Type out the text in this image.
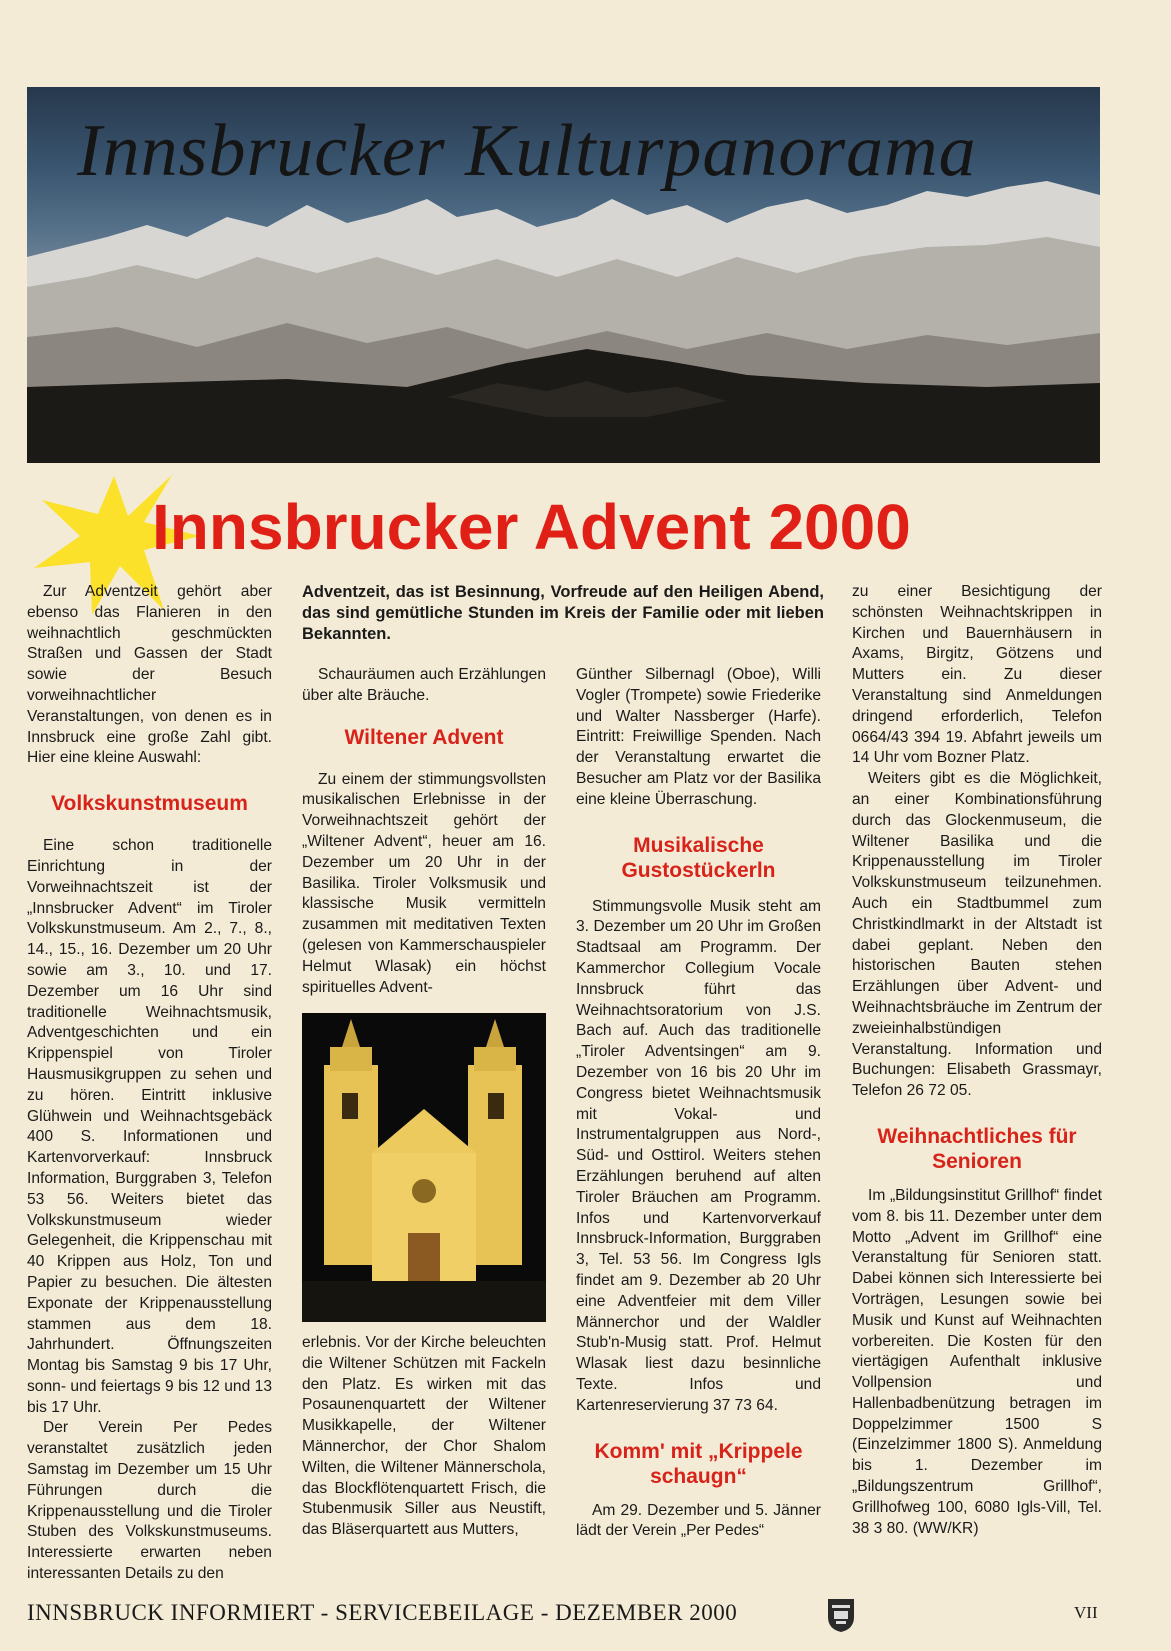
Innsbrucker Kulturpanorama
Innsbrucker Advent 2000
Adventzeit, das ist Besinnung, Vorfreude auf den Heiligen Abend, das sind gemütliche Stunden im Kreis der Familie oder mit lieben Bekannten.

Zur Adventzeit gehört aber ebenso das Flanieren in den weihnachtlich geschmückten Straßen und Gassen der Stadt sowie der Besuch vorweihnachtlicher Veranstaltungen, von denen es in Innsbruck eine große Zahl gibt. Hier eine kleine Auswahl:

Volkskunstmuseum

Eine schon traditionelle Einrichtung in der Vorweihnachtszeit ist der „Innsbrucker Advent“ im Tiroler Volkskunstmuseum. Am 2., 7., 8., 14., 15., 16. Dezember um 20 Uhr sowie am 3., 10. und 17. Dezember um 16 Uhr sind traditionelle Weihnachtsmusik, Adventgeschichten und ein Krippenspiel von Tiroler Hausmusikgruppen zu sehen und zu hören. Eintritt inklusive Glühwein und Weihnachtsgebäck 400 S. Informationen und Kartenvorverkauf: Innsbruck Information, Burggraben 3, Telefon 53 56. Weiters bietet das Volkskunstmuseum wieder Gelegenheit, die Krippenschau mit 40 Krippen aus Holz, Ton und Papier zu besuchen. Die ältesten Exponate der Krippenausstellung stammen aus dem 18. Jahrhundert. Öffnungszeiten Montag bis Samstag 9 bis 17 Uhr, sonn- und feiertags 9 bis 12 und 13 bis 17 Uhr.

Der Verein Per Pedes veranstaltet zusätzlich jeden Samstag im Dezember um 15 Uhr Führungen durch die Krippenausstellung und die Tiroler Stuben des Volkskunstmuseums. Interessierte erwarten neben interessanten Details zu den

Schauräumen auch Erzählungen über alte Bräuche.

Wiltener Advent

Zu einem der stimmungsvollsten musikalischen Erlebnisse in der Vorweihnachtszeit gehört der „Wiltener Advent“, heuer am 16. Dezember um 20 Uhr in der Basilika. Tiroler Volksmusik und klassische Musik vermitteln zusammen mit meditativen Texten (gelesen von Kammerschauspieler Helmut Wlasak) ein höchst spirituelles Advent-

erlebnis. Vor der Kirche beleuchten die Wiltener Schützen mit Fackeln den Platz. Es wirken mit das Posaunenquartett der Wiltener Musikkapelle, der Wiltener Männerchor, der Chor Shalom Wilten, die Wiltener Männerschola, das Blockflötenquartett Frisch, die Stubenmusik Siller aus Neustift, das Bläserquartett aus Mutters,

Günther Silbernagl (Oboe), Willi Vogler (Trompete) sowie Friederike und Walter Nassberger (Harfe). Eintritt: Freiwillige Spenden. Nach der Veranstaltung erwartet die Besucher am Platz vor der Basilika eine kleine Überraschung.

Musikalische Gustostückerln

Stimmungsvolle Musik steht am 3. Dezember um 20 Uhr im Großen Stadtsaal am Programm. Der Kammerchor Collegium Vocale Innsbruck führt das Weihnachtsoratorium von J.S. Bach auf. Auch das traditionelle „Tiroler Adventsingen“ am 9. Dezember von 16 bis 20 Uhr im Congress bietet Weihnachtsmusik mit Vokal- und Instrumentalgruppen aus Nord-, Süd- und Osttirol. Weiters stehen Erzählungen beruhend auf alten Tiroler Bräuchen am Programm. Infos und Kartenvorverkauf Innsbruck-Information, Burggraben 3, Tel. 53 56. Im Congress Igls findet am 9. Dezember ab 20 Uhr eine Adventfeier mit dem Viller Männerchor und der Waldler Stub'n-Musig statt. Prof. Helmut Wlasak liest dazu besinnliche Texte. Infos und Kartenreservierung 37 73 64.

Komm' mit „Krippele schaugn“

Am 29. Dezember und 5. Jänner lädt der Verein „Per Pedes“

zu einer Besichtigung der schönsten Weihnachtskrippen in Kirchen und Bauernhäusern in Axams, Birgitz, Götzens und Mutters ein. Zu dieser Veranstaltung sind Anmeldungen dringend erforderlich, Telefon 0664/43 394 19. Abfahrt jeweils um 14 Uhr vom Bozner Platz.

Weiters gibt es die Möglichkeit, an einer Kombinationsführung durch das Glockenmuseum, die Wiltener Basilika und die Krippenausstellung im Tiroler Volkskunstmuseum teilzunehmen. Auch ein Stadtbummel zum Christkindlmarkt in der Altstadt ist dabei geplant. Neben den historischen Bauten stehen Erzählungen über Advent- und Weihnachtsbräuche im Zentrum der zweieinhalbstündigen Veranstaltung. Information und Buchungen: Elisabeth Grassmayr, Telefon 26 72 05.

Weihnachtliches für Senioren

Im „Bildungsinstitut Grillhof“ findet vom 8. bis 11. Dezember unter dem Motto „Advent im Grillhof“ eine Veranstaltung für Senioren statt. Dabei können sich Interessierte bei Vorträgen, Lesungen sowie bei Musik und Kunst auf Weihnachten vorbereiten. Die Kosten für den viertägigen Aufenthalt inklusive Vollpension und Hallenbadbenützung betragen im Doppelzimmer 1500 S (Einzelzimmer 1800 S). Anmeldung bis 1. Dezember im „Bildungszentrum Grillhof“, Grillhofweg 100, 6080 Igls-Vill, Tel. 38 3 80. (WW/KR)

INNSBRUCK INFORMIERT - SERVICEBEILAGE - DEZEMBER 2000	VII
